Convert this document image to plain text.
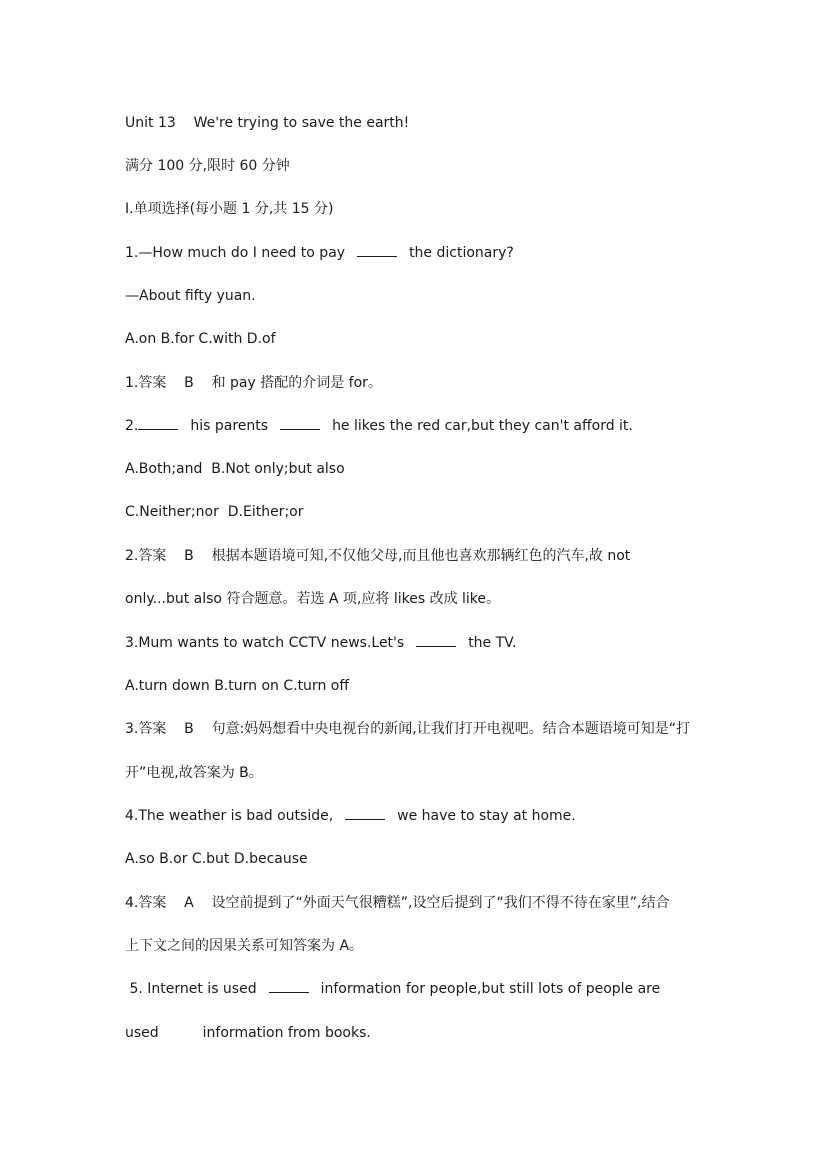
Unit 13    We're trying to save the earth!

满分 100 分,限时 60 分钟

Ⅰ.单项选择(每小题 1 分,共 15 分)

1.—How much do I need to pay	the dictionary?

—About fifty yuan.

A.on B.for C.with D.of

1.答案    B    和 pay 搭配的介词是 for。

2.	his parents	he likes the red car,but they can't afford it.

A.Both;and  B.Not only;but also

C.Neither;nor  D.Either;or

2.答案    B    根据本题语境可知,不仅他父母,而且他也喜欢那辆红色的汽车,故 not

only...but also 符合题意。若选 A 项,应将 likes 改成 like。

3.Mum wants to watch CCTV news.Let's	the TV.

A.turn down B.turn on C.turn off

3.答案    B    句意:妈妈想看中央电视台的新闻,让我们打开电视吧。结合本题语境可知是“打

开”电视,故答案为 B。

4.The weather is bad outside,	we have to stay at home.

A.so B.or C.but D.because

4.答案    A    设空前提到了“外面天气很糟糕”,设空后提到了“我们不得不待在家里”,结合

上下文之间的因果关系可知答案为 A。

5. Internet is used	information for people,but still lots of people are

used	information from books.
